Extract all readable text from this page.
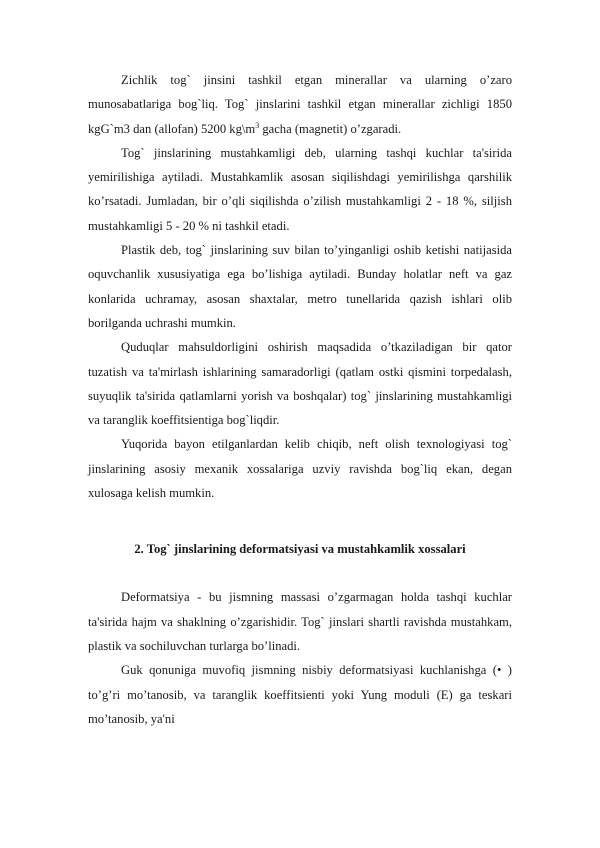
Zichlik tog` jinsini tashkil etgan minerallar va ularning o’zaro munosabatlariga bog`liq. Tog` jinslarini tashkil etgan minerallar zichligi 1850 kgG`m3 dan (allofan) 5200 $kg\backslash m^3$ gacha (magnetit) o’zgaradi.

Tog` jinslarining mustahkamligi deb, ularning tashqi kuchlar ta'sirida yemirilishiga aytiladi. Mustahkamlik asosan siqilishdagi yemirilishga qarshilik ko’rsatadi. Jumladan, bir o’qli siqilishda o’zilish mustahkamligi 2 - 18 %, siljish mustahkamligi 5 - 20 % ni tashkil etadi.

Plastik deb, tog` jinslarining suv bilan to’yinganligi oshib ketishi natijasida oquvchanlik xususiyatiga ega bo’lishiga aytiladi. Bunday holatlar neft va gaz konlarida uchramay, asosan shaxtalar, metro tunellarida qazish ishlari olib borilganda uchrashi mumkin.

Quduqlar mahsuldorligini oshirish maqsadida o’tkaziladigan bir qator tuzatish va ta'mirlash ishlarining samaradorligi (qatlam ostki qismini torpedalash, suyuqlik ta'sirida qatlamlarni yorish va boshqalar) tog` jinslarining mustahkamligi va taranglik koeffitsientiga bog`liqdir.

Yuqorida bayon etilganlardan kelib chiqib, neft olish texnologiyasi tog` jinslarining asosiy mexanik xossalariga uzviy ravishda bog`liq ekan, degan xulosaga kelish mumkin.

2. Tog` jinslarining deformatsiyasi va mustahkamlik xossalari

Deformatsiya - bu jismning massasi o’zgarmagan holda tashqi kuchlar ta'sirida hajm va shaklning o’zgarishidir. Tog` jinslari shartli ravishda mustahkam, plastik va sochiluvchan turlarga bo’linadi.

Guk qonuniga muvofiq jismning nisbiy deformatsiyasi kuchlanishga (• ) to’g’ri mo’tanosib, va taranglik koeffitsienti yoki Yung moduli (E) ga teskari mo’tanosib, ya'ni
